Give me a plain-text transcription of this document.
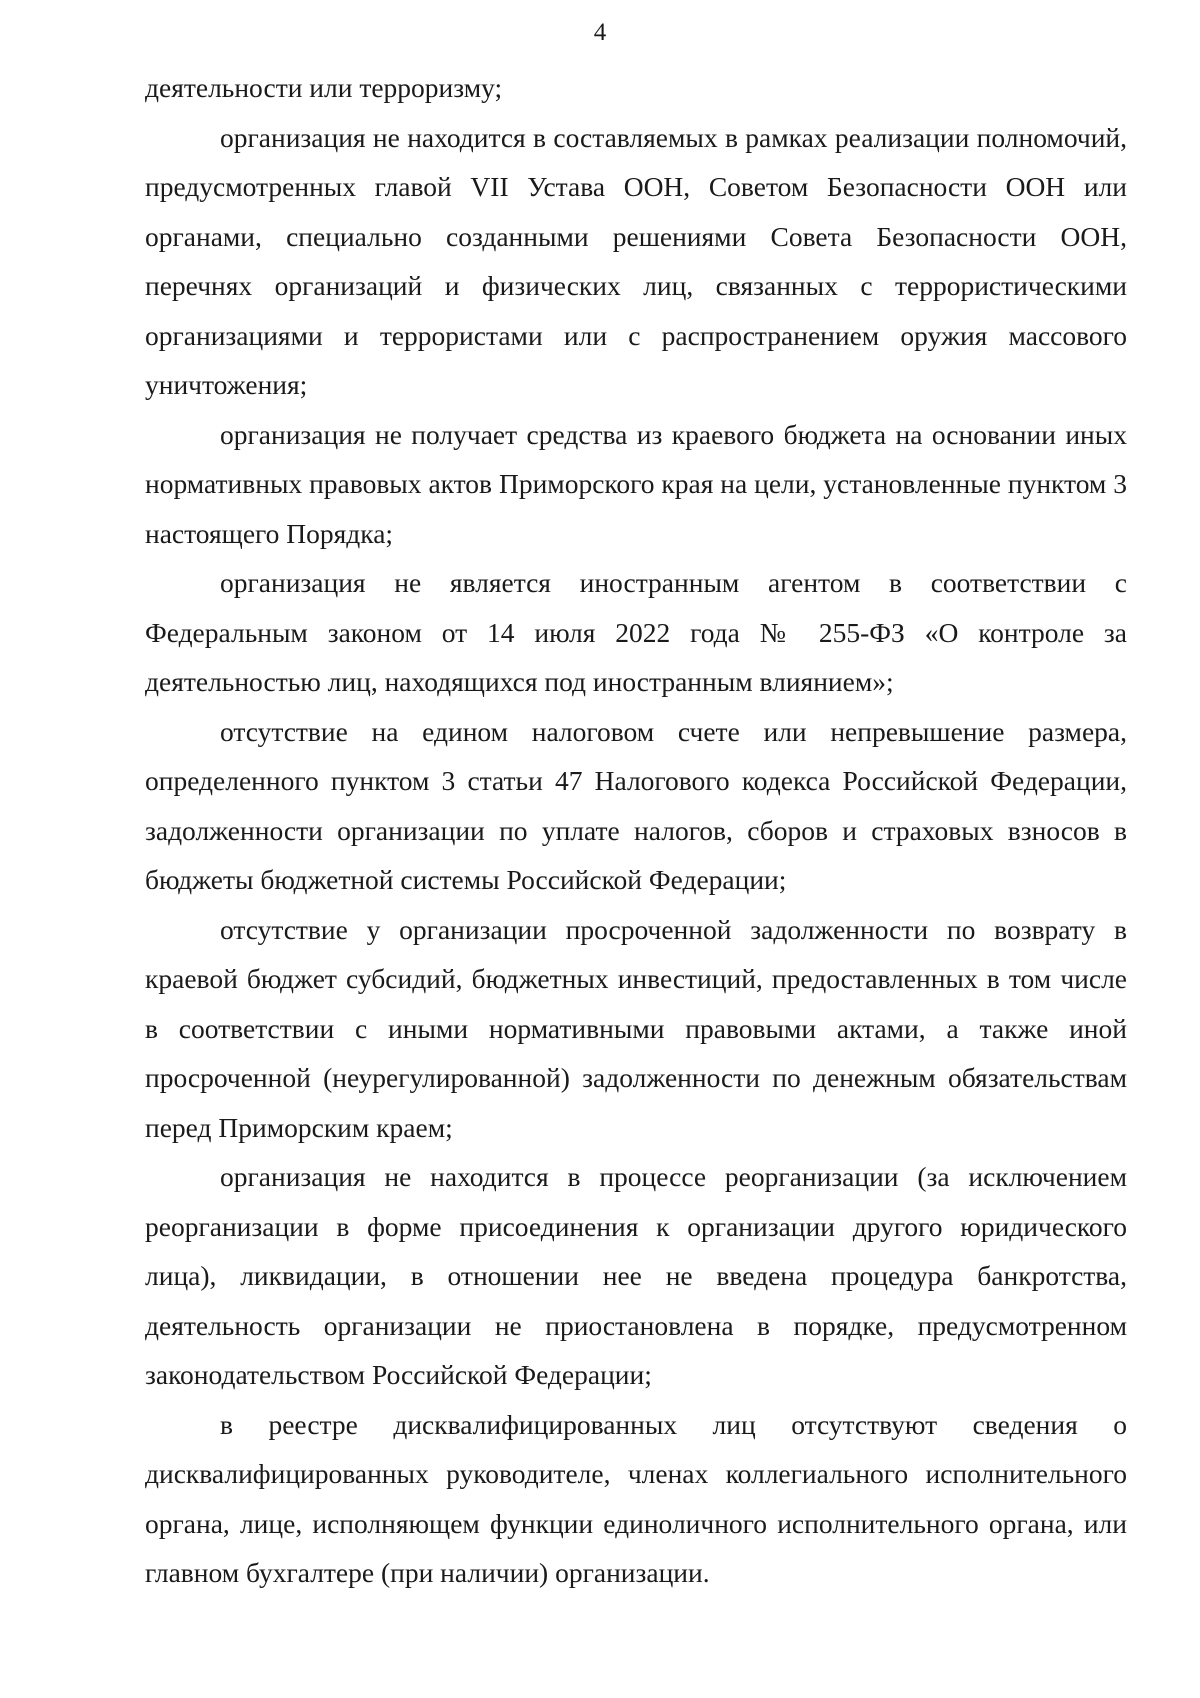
4

деятельности или терроризму;

организация не находится в составляемых в рамках реализации полномочий, предусмотренных главой VII Устава ООН, Советом Безопасности ООН или органами, специально созданными решениями Совета Безопасности ООН, перечнях организаций и физических лиц, связанных с террористическими организациями и террористами или с распространением оружия массового уничтожения;

организация не получает средства из краевого бюджета на основании иных нормативных правовых актов Приморского края на цели, установленные пунктом 3 настоящего Порядка;

организация не является иностранным агентом в соответствии с Федеральным законом от 14 июля 2022 года № 255-ФЗ «О контроле за деятельностью лиц, находящихся под иностранным влиянием»;

отсутствие на едином налоговом счете или непревышение размера, определенного пунктом 3 статьи 47 Налогового кодекса Российской Федерации, задолженности организации по уплате налогов, сборов и страховых взносов в бюджеты бюджетной системы Российской Федерации;

отсутствие у организации просроченной задолженности по возврату в краевой бюджет субсидий, бюджетных инвестиций, предоставленных в том числе в соответствии с иными нормативными правовыми актами, а также иной просроченной (неурегулированной) задолженности по денежным обязательствам перед Приморским краем;

организация не находится в процессе реорганизации (за исключением реорганизации в форме присоединения к организации другого юридического лица), ликвидации, в отношении нее не введена процедура банкротства, деятельность организации не приостановлена в порядке, предусмотренном законодательством Российской Федерации;

в реестре дисквалифицированных лиц отсутствуют сведения о дисквалифицированных руководителе, членах коллегиального исполнительного органа, лице, исполняющем функции единоличного исполнительного органа, или главном бухгалтере (при наличии) организации.
